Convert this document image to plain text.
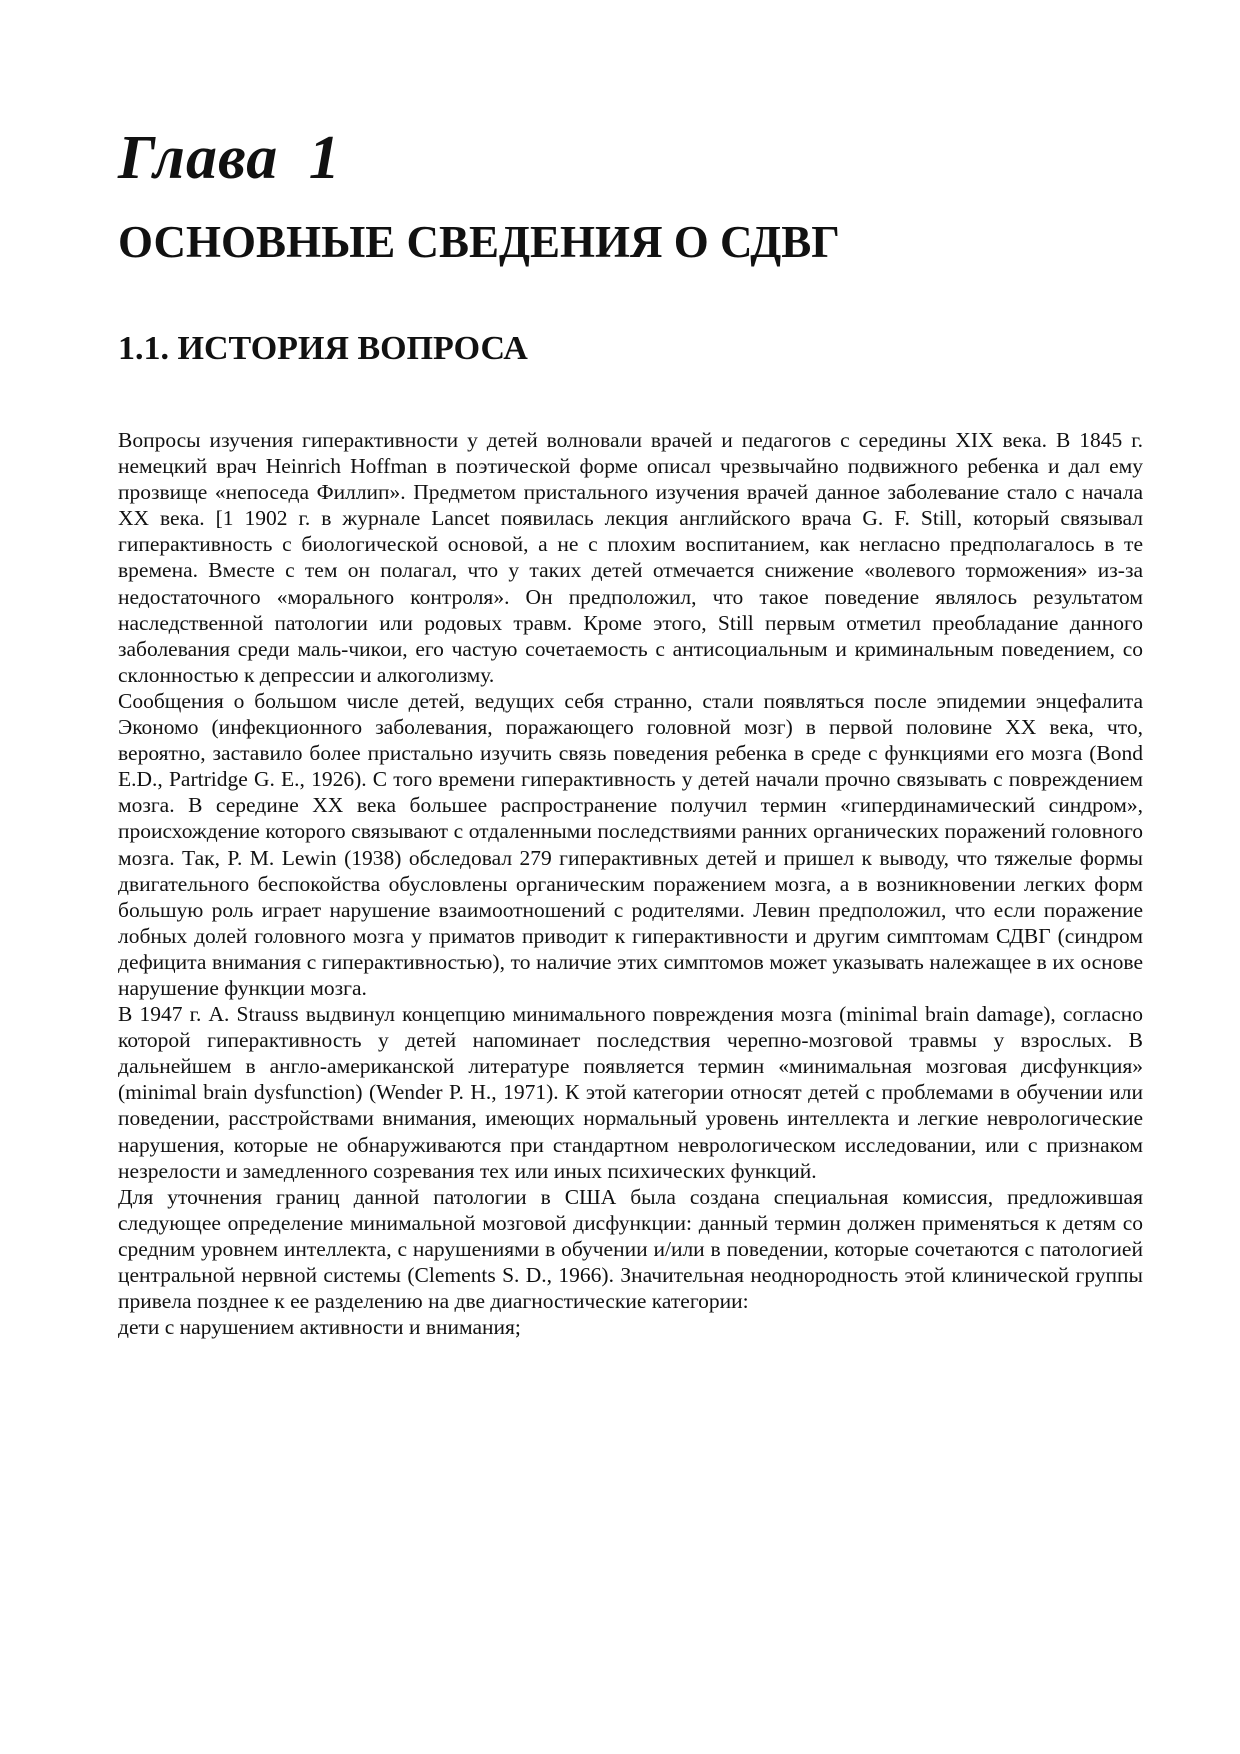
Глава 1
ОСНОВНЫЕ СВЕДЕНИЯ О СДВГ
1.1. ИСТОРИЯ ВОПРОСА

Вопросы изучения гиперактивности у детей волновали врачей и педагогов с середины XIX века. В 1845 г. немецкий врач Heinrich Hoffman в поэтической форме описал чрезвычайно подвижного ребенка и дал ему прозвище «непоседа Филлип». Предметом пристального изучения врачей данное заболевание стало с начала XX века. [1 1902 г. в журнале Lancet появилась лекция английского врача G. F. Still, который связывал гиперактивность с биологической основой, а не с плохим воспитанием, как негласно предполагалось в те времена. Вместе с тем он полагал, что у таких детей отмечается снижение «волевого торможения» из-за недостаточного «морального контроля». Он предположил, что такое поведение являлось результатом наследственной патологии или родовых травм. Кроме этого, Still первым отметил преобладание данного заболевания среди маль-чикои, его частую сочетаемость с антисоциальным и криминальным поведением, со склонностью к депрессии и алкоголизму.

Сообщения о большом числе детей, ведущих себя странно, стали появляться после эпидемии энцефалита Экономо (инфекционного заболевания, поражающего головной мозг) в первой половине XX века, что, вероятно, заставило более пристально изучить связь поведения ребенка в среде с функциями его мозга (Bond E.D., Partridge G. E., 1926). С того времени гиперактивность у детей начали прочно связывать с повреждением мозга. В середине XX века большее распространение получил термин «гипердинамический синдром», происхождение которого связывают с отдаленными последствиями ранних органических поражений головного мозга. Так, P. M. Lewin (1938) обследовал 279 гиперактивных детей и пришел к выводу, что тяжелые формы двигательного беспокойства обусловлены органическим поражением мозга, а в возникновении легких форм большую роль играет нарушение взаимоотношений с родителями. Левин предположил, что если поражение лобных долей головного мозга у приматов приводит к гиперактивности и другим симптомам СДВГ (синдром дефицита внимания с гиперактивностью), то наличие этих симптомов может указывать належащее в их основе нарушение функции мозга.

В 1947 г. A. Strauss выдвинул концепцию минимального повреждения мозга (minimal brain damage), согласно которой гиперактивность у детей напоминает последствия черепно-мозговой травмы у взрослых. В дальнейшем в англо-американской литературе появляется термин «минимальная мозговая дисфункция» (minimal brain dysfunction) (Wender P. H., 1971). К этой категории относят детей с проблемами в обучении или поведении, расстройствами внимания, имеющих нормальный уровень интеллекта и легкие неврологические нарушения, которые не обнаруживаются при стандартном неврологическом исследовании, или с признаком незрелости и замедленного созревания тех или иных психических функций.

Для уточнения границ данной патологии в США была создана специальная комиссия, предложившая следующее определение минимальной мозговой дисфункции: данный термин должен применяться к детям со средним уровнем интеллекта, с нарушениями в обучении и/или в поведении, которые сочетаются с патологией центральной нервной системы (Clements S. D., 1966). Значительная неоднородность этой клинической группы привела позднее к ее разделению на две диагностические категории:

дети с нарушением активности и внимания;
